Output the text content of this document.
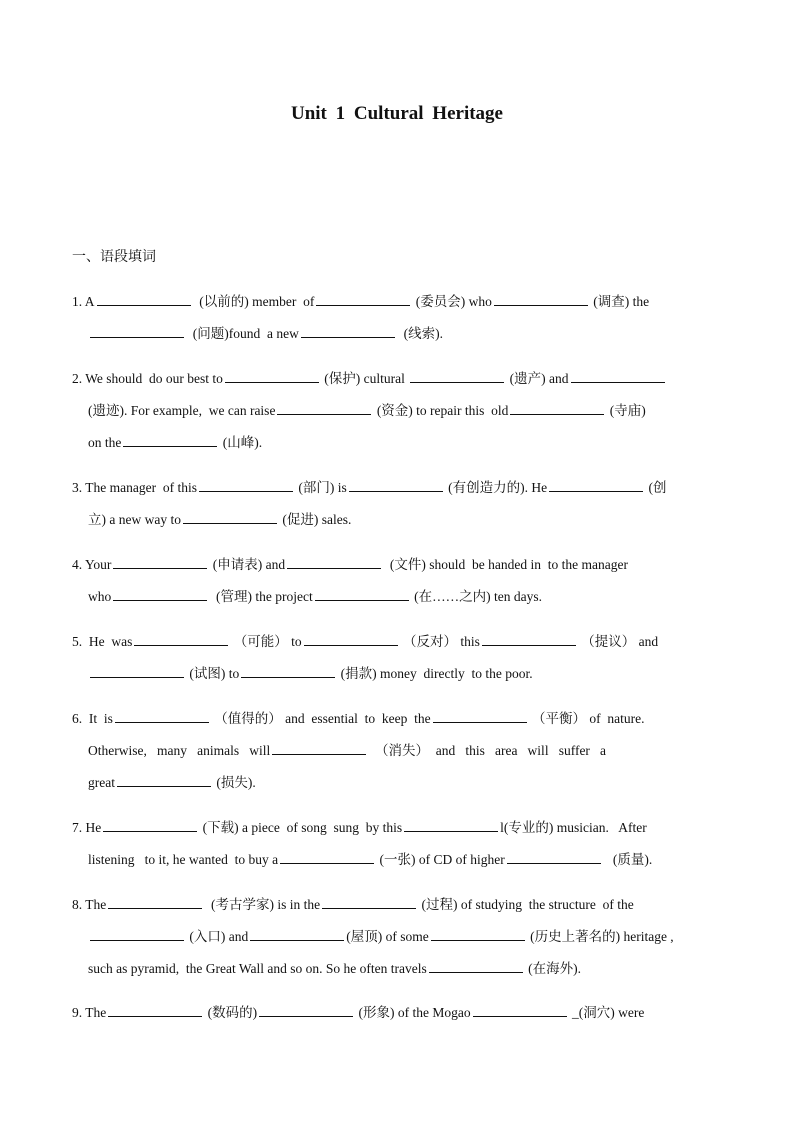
Unit 1 Cultural Heritage
一、语段填词
1. A	(以前的) member  of	(委员会) who	(调查) the
(问题)found  a new	(线索).
2. We should  do our best to	(保护) cultural	(遗产) and
(遗迹). For example,  we can raise	(资金) to repair this  old	(寺庙)
on the	(山峰).
3. The manager  of this	(部门) is	(有创造力的). He	(创
立) a new way to	(促进) sales.
4. Your	(申请表) and	(文件) should  be handed in  to the manager
who	(管理) the project	(在……之内) ten days.
5.  He  was	（可能） to	（反对） this	（提议） and
(试图) to	(捐款) money  directly  to the poor.
6.  It  is	（值得的） and  essential  to  keep  the	（平衡） of  nature.
Otherwise,   many   animals   will	（消失）  and   this   area   will   suffer   a
great	(损失).
7. He	(下载) a piece  of song  sung  by this	l(专业的) musician.   After
listening   to it, he wanted  to buy a	(一张) of CD of higher	(质量).
8. The	(考古学家) is in the	(过程) of studying  the structure  of the
(入口) and	(屋顶) of some	(历史上著名的) heritage ,
such as pyramid,  the Great Wall and so on. So he often travels	(在海外).
9. The	(数码的)	(形象) of the Mogao	_(洞穴) were
